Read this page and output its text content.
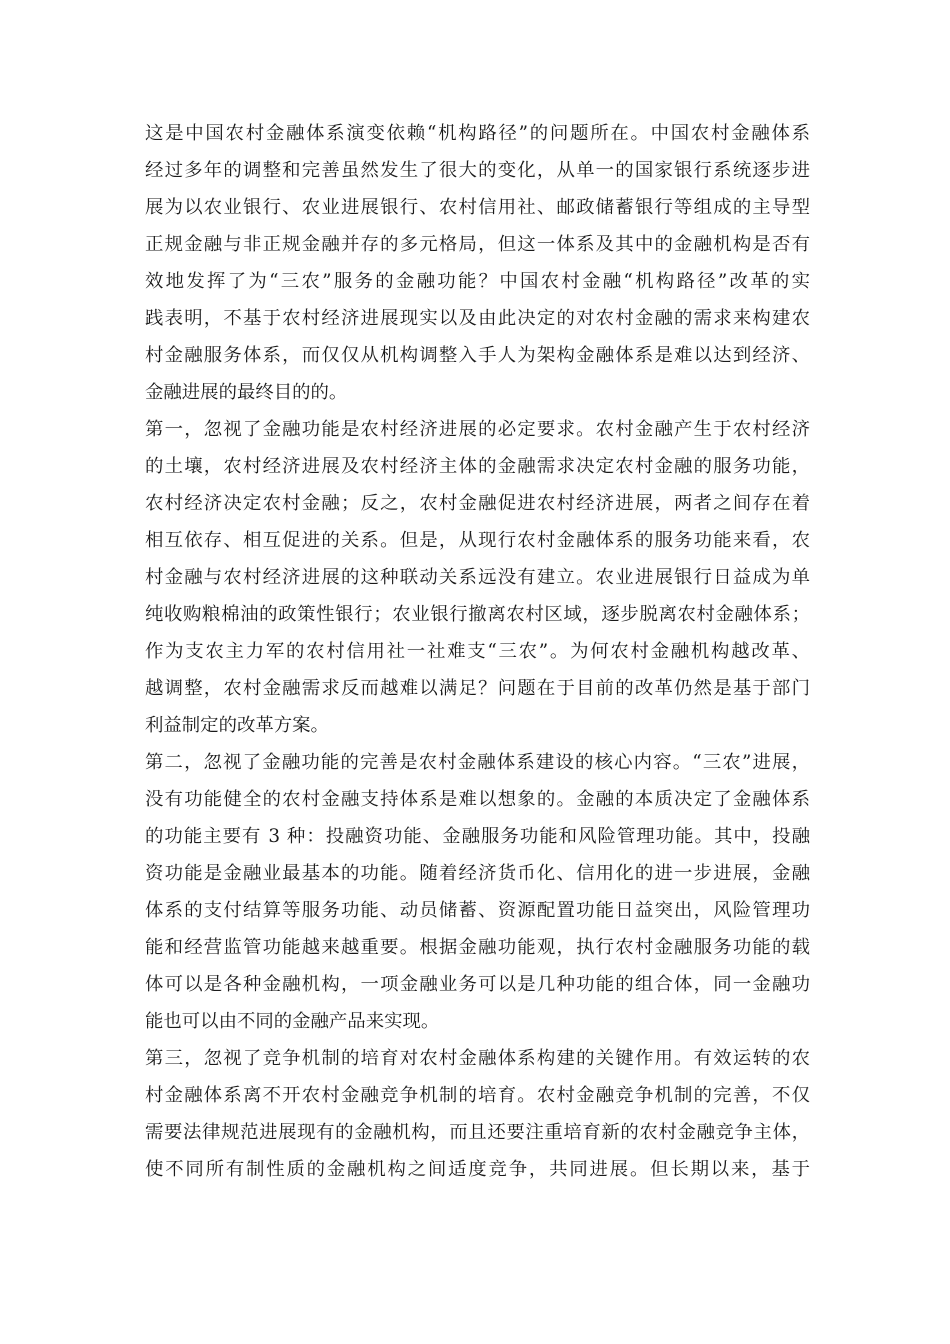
这是中国农村金融体系演变依赖“机构路径”的问题所在。中国农村金融体系
经过多年的调整和完善虽然发生了很大的变化，从单一的国家银行系统逐步进
展为以农业银行、农业进展银行、农村信用社、邮政储蓄银行等组成的主导型
正规金融与非正规金融并存的多元格局，但这一体系及其中的金融机构是否有
效地发挥了为“三农”服务的金融功能？中国农村金融“机构路径”改革的实
践表明，不基于农村经济进展现实以及由此决定的对农村金融的需求来构建农
村金融服务体系，而仅仅从机构调整入手人为架构金融体系是难以达到经济、
金融进展的最终目的的。
第一，忽视了金融功能是农村经济进展的必定要求。农村金融产生于农村经济
的土壤，农村经济进展及农村经济主体的金融需求决定农村金融的服务功能，
农村经济决定农村金融；反之，农村金融促进农村经济进展，两者之间存在着
相互依存、相互促进的关系。但是，从现行农村金融体系的服务功能来看，农
村金融与农村经济进展的这种联动关系远没有建立。农业进展银行日益成为单
纯收购粮棉油的政策性银行；农业银行撤离农村区域，逐步脱离农村金融体系；
作为支农主力军的农村信用社一社难支“三农”。为何农村金融机构越改革、
越调整，农村金融需求反而越难以满足？问题在于目前的改革仍然是基于部门
利益制定的改革方案。
第二，忽视了金融功能的完善是农村金融体系建设的核心内容。“三农”进展，
没有功能健全的农村金融支持体系是难以想象的。金融的本质决定了金融体系
的功能主要有 3 种：投融资功能、金融服务功能和风险管理功能。其中，投融
资功能是金融业最基本的功能。随着经济货币化、信用化的进一步进展，金融
体系的支付结算等服务功能、动员储蓄、资源配置功能日益突出，风险管理功
能和经营监管功能越来越重要。根据金融功能观，执行农村金融服务功能的载
体可以是各种金融机构，一项金融业务可以是几种功能的组合体，同一金融功
能也可以由不同的金融产品来实现。
第三，忽视了竞争机制的培育对农村金融体系构建的关键作用。有效运转的农
村金融体系离不开农村金融竞争机制的培育。农村金融竞争机制的完善，不仅
需要法律规范进展现有的金融机构，而且还要注重培育新的农村金融竞争主体，
使不同所有制性质的金融机构之间适度竞争，共同进展。但长期以来，基于
